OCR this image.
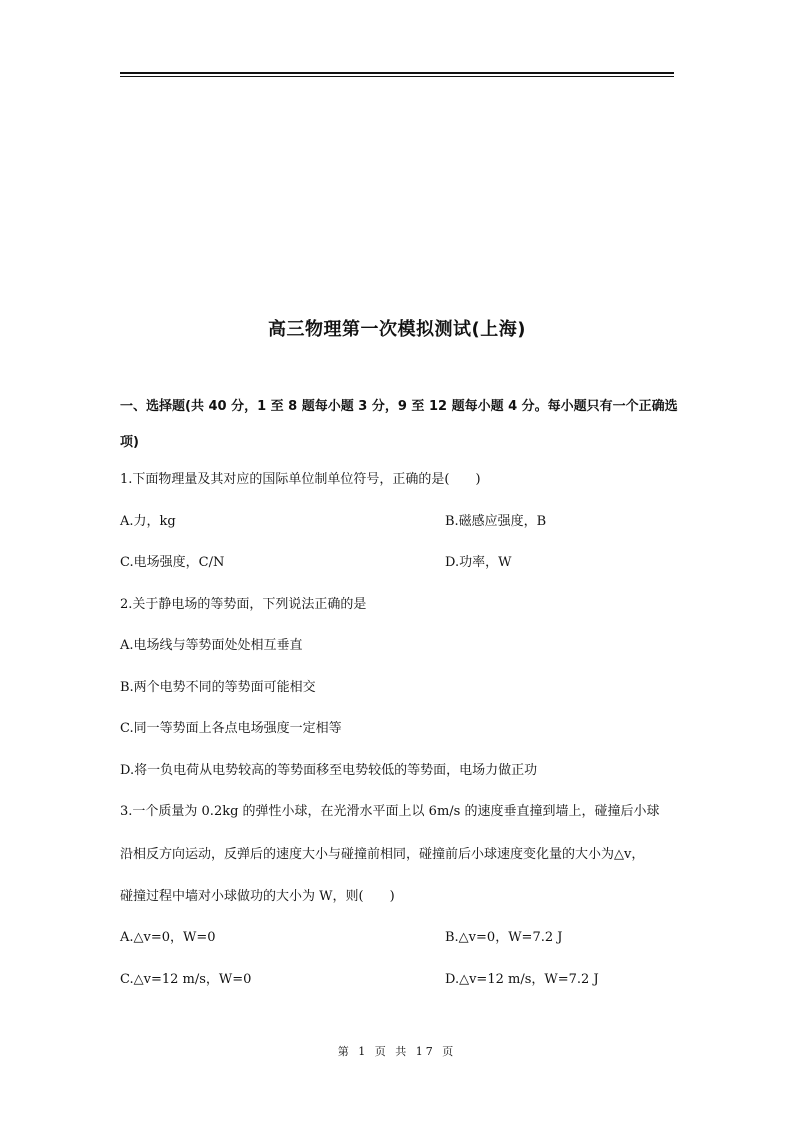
高三物理第一次模拟测试(上海)
一、选择题(共 40 分，1 至 8 题每小题 3 分，9 至 12 题每小题 4 分。每小题只有一个正确选
项)
1.下面物理量及其对应的国际单位制单位符号，正确的是(　　)
A.力，kg	B.磁感应强度，B
C.电场强度，C/N	D.功率，W
2.关于静电场的等势面，下列说法正确的是
A.电场线与等势面处处相互垂直
B.两个电势不同的等势面可能相交
C.同一等势面上各点电场强度一定相等
D.将一负电荷从电势较高的等势面移至电势较低的等势面，电场力做正功
3.一个质量为 0.2kg 的弹性小球，在光滑水平面上以 6m/s 的速度垂直撞到墙上，碰撞后小球
沿相反方向运动，反弹后的速度大小与碰撞前相同，碰撞前后小球速度变化量的大小为△v，
碰撞过程中墙对小球做功的大小为 W，则(　　)
A.△v=0，W=0	B.△v=0，W=7.2 J
C.△v=12 m/s，W=0	D.△v=12 m/s，W=7.2 J
第 1 页 共 17 页
